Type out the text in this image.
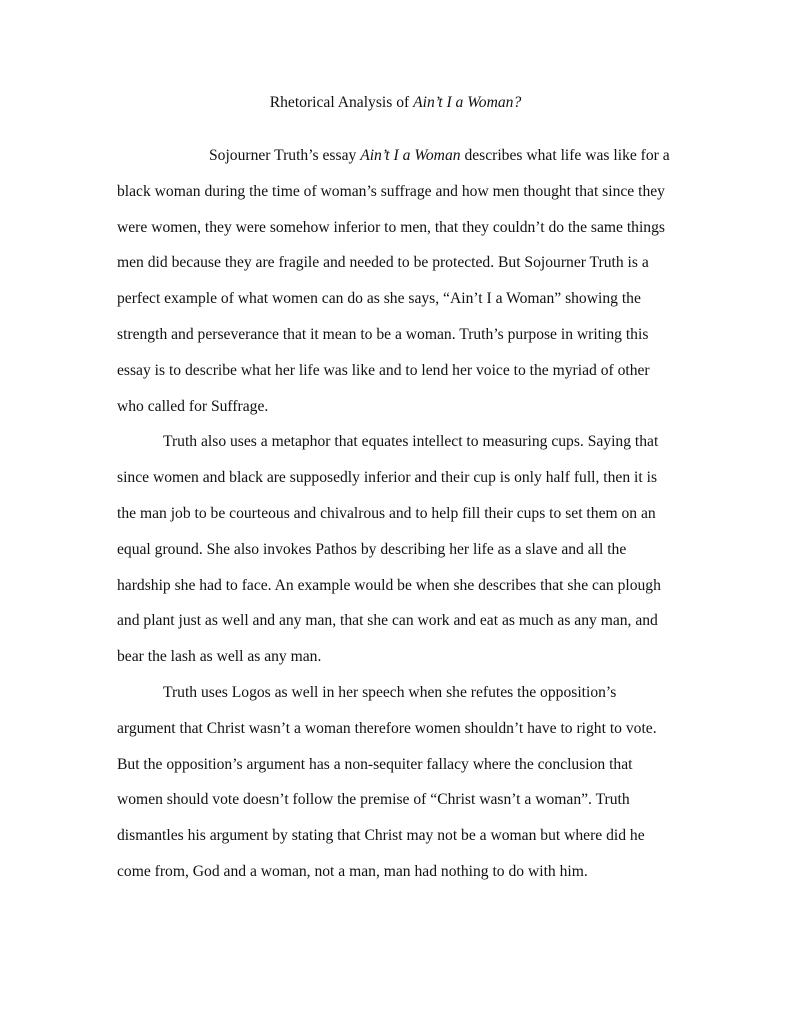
Rhetorical Analysis of Ain’t I a Woman?
Sojourner Truth’s essay Ain’t I a Woman describes what life was like for a
black woman during the time of woman’s suffrage and how men thought that since they
were women, they were somehow inferior to men, that they couldn’t do the same things
men did because they are fragile and needed to be protected. But Sojourner Truth is a
perfect example of what women can do as she says, “Ain’t I a Woman” showing the
strength and perseverance that it mean to be a woman. Truth’s purpose in writing this
essay is to describe what her life was like and to lend her voice to the myriad of other
who called for Suffrage.
Truth also uses a metaphor that equates intellect to measuring cups. Saying that
since women and black are supposedly inferior and their cup is only half full, then it is
the man job to be courteous and chivalrous and to help fill their cups to set them on an
equal ground. She also invokes Pathos by describing her life as a slave and all the
hardship she had to face. An example would be when she describes that she can plough
and plant just as well and any man, that she can work and eat as much as any man, and
bear the lash as well as any man.
Truth uses Logos as well in her speech when she refutes the opposition’s
argument that Christ wasn’t a woman therefore women shouldn’t have to right to vote.
But the opposition’s argument has a non-sequiter fallacy where the conclusion that
women should vote doesn’t follow the premise of “Christ wasn’t a woman”. Truth
dismantles his argument by stating that Christ may not be a woman but where did he
come from, God and a woman, not a man, man had nothing to do with him.
